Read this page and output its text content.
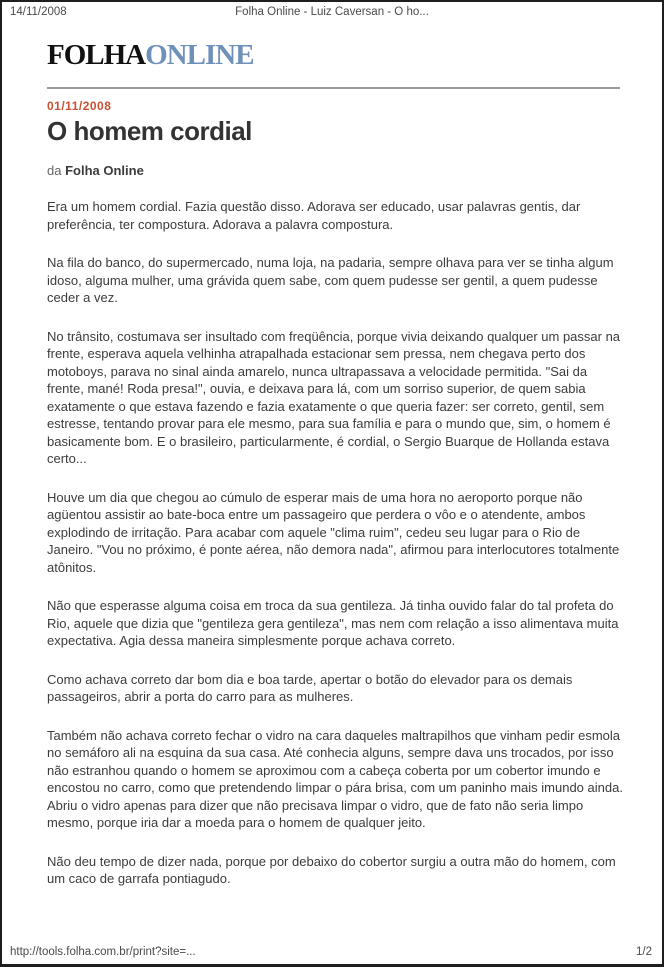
14/11/2008	Folha Online - Luiz Caversan - O ho...
FOLHAONLINE
01/11/2008
O homem cordial

da Folha Online

Era um homem cordial. Fazia questão disso. Adorava ser educado, usar palavras gentis, dar preferência, ter compostura. Adorava a palavra compostura.

Na fila do banco, do supermercado, numa loja, na padaria, sempre olhava para ver se tinha algum idoso, alguma mulher, uma grávida quem sabe, com quem pudesse ser gentil, a quem pudesse ceder a vez.

No trânsito, costumava ser insultado com freqüência, porque vivia deixando qualquer um passar na frente, esperava aquela velhinha atrapalhada estacionar sem pressa, nem chegava perto dos motoboys, parava no sinal ainda amarelo, nunca ultrapassava a velocidade permitida. "Sai da frente, mané! Roda presa!", ouvia, e deixava para lá, com um sorriso superior, de quem sabia exatamente o que estava fazendo e fazia exatamente o que queria fazer: ser correto, gentil, sem estresse, tentando provar para ele mesmo, para sua família e para o mundo que, sim, o homem é basicamente bom. E o brasileiro, particularmente, é cordial, o Sergio Buarque de Hollanda estava certo...

Houve um dia que chegou ao cúmulo de esperar mais de uma hora no aeroporto porque não agüentou assistir ao bate-boca entre um passageiro que perdera o vôo e o atendente, ambos explodindo de irritação. Para acabar com aquele "clima ruim", cedeu seu lugar para o Rio de Janeiro. "Vou no próximo, é ponte aérea, não demora nada", afirmou para interlocutores totalmente atônitos.

Não que esperasse alguma coisa em troca da sua gentileza. Já tinha ouvido falar do tal profeta do Rio, aquele que dizia que "gentileza gera gentileza", mas nem com relação a isso alimentava muita expectativa. Agia dessa maneira simplesmente porque achava correto.

Como achava correto dar bom dia e boa tarde, apertar o botão do elevador para os demais passageiros, abrir a porta do carro para as mulheres.

Também não achava correto fechar o vidro na cara daqueles maltrapilhos que vinham pedir esmola no semáforo ali na esquina da sua casa. Até conhecia alguns, sempre dava uns trocados, por isso não estranhou quando o homem se aproximou com a cabeça coberta por um cobertor imundo e encostou no carro, como que pretendendo limpar o pára brisa, com um paninho mais imundo ainda. Abriu o vidro apenas para dizer que não precisava limpar o vidro, que de fato não seria limpo mesmo, porque iria dar a moeda para o homem de qualquer jeito.

Não deu tempo de dizer nada, porque por debaixo do cobertor surgiu a outra mão do homem, com um caco de garrafa pontiagudo.

http://tools.folha.com.br/print?site=...	1/2
